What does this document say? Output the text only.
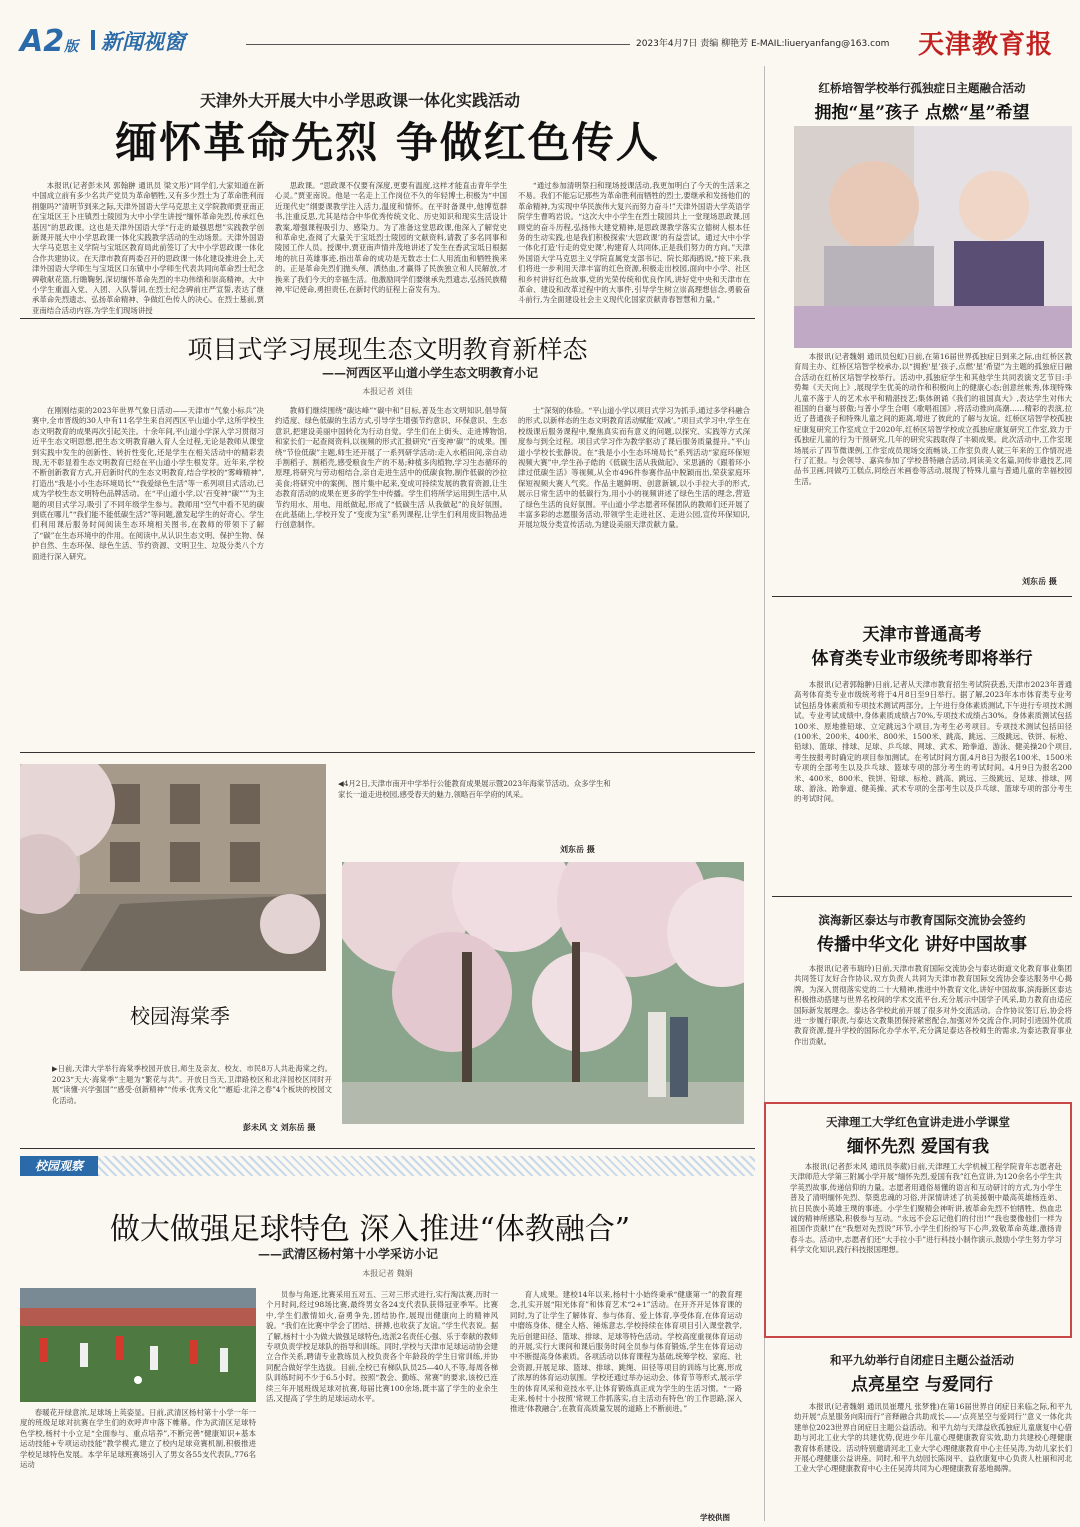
A2版 新闻视窗	2023年4月7日 责编 柳艳芳 E-MAIL:liueryanfang@163.com 天津教育报
天津外大开展大中小学思政课一体化实践活动
缅怀革命先烈 争做红色传人
本报讯(记者彭未风 郭翰翀 通讯员 梁文彤)“同学们,大家知道在新中国成立前有多少名共产党员为革命牺牲,又有多少烈士为了革命胜利而捐躯吗?”清明节到来之际,天津外国语大学马克思主义学院教师贾亚南正在宝坻区王卜庄镇烈士陵园为大中小学生讲授“缅怀革命先烈,传承红色基因”的思政课。这也是天津外国语大学“行走的最强思想”实践教学创新课开展大中小学思政课一体化实践教学活动的生动场景。天津外国语大学马克思主义学院与宝坻区教育局此前签订了大中小学思政课一体化合作共建协议。在天津市教育两委召开的思政课一体化建设推进会上,天津外国语大学师生与宝坻区口东镇中小学师生代表共同向革命烈士纪念碑敬献花篮,行瞻鞠躬,深切缅怀革命先烈的丰功伟绩和崇高精神。大中小学生重温入党、入团、入队誓词,在烈士纪念碑前庄严宣誓,表达了继承革命先烈遗志、弘扬革命精神、争做红色传人的决心。在烈士墓前,贾亚南结合活动内容,为学生们现场讲授
思政课。“思政课不仅要有深度,更要有温度,这样才能直击青年学生心灵。”贾亚南说。他是一名走上工作岗位不久的年轻博士,积极为“中国近现代史”纲要课教学注入活力,温度和情怀。在平时备课中,他博览群书,注重反思,尤其是结合中华优秀传统文化、历史知识和现实生活设计教案,增强课程吸引力、感染力。为了准备这堂思政课,他深入了解党史和革命史,查阅了大量关于宝坻烈士陵园的文献资料,请教了多名同事和陵园工作人员。授课中,贾亚南声情并茂地讲述了发生在香武宝坻日根据地的抗日英雄事迹,指出革命的成功是无数志士仁人用流血和牺牲换来的。正是革命先烈们抛头颅、洒热血,才赢得了民族独立和人民解放,才换来了我们今天的幸福生活。他激励同学们要继承先烈遗志,弘扬民族精神,牢记使命,勇担责任,在新时代的征程上奋发有为。
“通过参加清明祭扫和现场授课活动,我更加明白了今天的生活来之不易。我们不能忘记那些为革命胜利而牺牲的烈士,要继承和发扬他们的革命精神,为实现中华民族伟大复兴而努力奋斗!”天津外国语大学英语学院学生曹鸣岩说。“这次大中小学生在烈士陵园共上一堂现场思政课,回顾党的奋斗历程,弘扬伟大建党精神,是思政课教学落实立德树人根本任务的生动实践,也是我们积极探索‘大思政课’的有益尝试。通过大中小学一体化打造‘行走的党史课’,构建育人共同体,正是我们努力的方向。”天津外国语大学马克思主义学院直属党支部书记、院长郑海鸥说,“接下来,我们将进一步利用天津丰富的红色资源,积极走出校园,面向中小学、社区和乡村讲好红色故事,党的光荣传统和优良作风,讲好党中央和天津市在革命、建设和改革过程中的大事件,引导学生树立崇高理想信念,勇毅奋斗前行,为全面建设社会主义现代化国家贡献青春智慧和力量。”
项目式学习展现生态文明教育新样态
——河西区平山道小学生态文明教育小记
本报记者 刘佳
在刚刚结束的2023年世界气象日活动——天津市“气象小标兵”决赛中,全市晋级的30人中有11名学生来自河西区平山道小学,这所学校生态文明教育的成果再次引起关注。十余年间,平山道小学深入学习贯彻习近平生态文明思想,把生态文明教育融入育人全过程,无论是教师从课堂到实践中发生的创新性、转折性变化,还是学生在相关活动中的精彩表现,无不彰显着生态文明教育已经在平山道小学生根发芽。近年来,学校不断创新教育方式,开启新时代的生态文明教育,结合学校的“雾峰精神”,打造出“我是小小生态环境局长”“我爱绿色生活”等一系列项目式活动,已成为学校生态文明特色品牌活动。在“平山道小学,以‘百变神“碳”’”为主题的项目式学习,吸引了不同年级学生参与。教师用“空气中看不见的碳到底在哪儿”“我们能不能低碳生活?”等问题,激发起学生的好奇心。学生们利用课后服务时间阅读生态环境相关图书,在教师的带领下了解了“碳”在生态环境中的作用。在阅读中,从认识生态文明、保护生物、保护自然、生态环保、绿色生活、节约资源、文明卫生、垃圾分类八个方面进行深入研究。
教师们继续围绕“碳达峰”“碳中和”目标,普及生态文明知识,倡导简约适度、绿色低碳的生活方式,引导学生增强节约意识、环保意识、生态意识,把建设美丽中国转化为行动自觉。学生们在上街头、走进博物馆,和家长们一起查阅资料,以视频的形式汇报研究“百变神‘碳’”的成果。围绕“节俭低碳”主题,师生还开展了一系列研学活动:走入水稻田间,亲自动手割稻子、割稻壳,感受粮食生产的不易;种植多肉植物,学习生态循环的原理,将研究与劳动相结合,亲自走进生活中的低碳食物,制作低碳的沙拉美食;将研究中的案例、图片集中起来,变成可持续发展的教育资源,让生态教育活动的成果在更多的学生中传播。学生们将所学运用到生活中,从节约用水、用电、用纸做起,形成了“低碳生活 从我做起”的良好氛围。在此基础上,学校开发了“变废为宝”系列课程,让学生们利用废旧物品进行创意制作。
士”深刻的体验。“平山道小学以项目式学习为抓手,通过多学科融合的形式,以新样态的生态文明教育活动赋能‘双减’。”项目式学习中,学生在校级课后服务课程中,聚焦真实而有意义的问题,以探究、实践等方式深度参与到全过程。项目式学习作为教学驱动了课后服务质量提升。”平山道小学校长张静说。在“我是小小生态环境局长”系列活动“家庭环保短视频大赛”中,学生孙子皓的《低碳生活从我做起》、宋思涵的《跟着环小津过低碳生活》等视频,从全市496件参赛作品中脱颖而出,荣获家庭环保短视频大赛人气奖。作品主题鲜明、创意新颖,以小手拉大手的形式,展示日常生活中的低碳行为,用小小的视频讲述了绿色生活的理念,营造了绿色生活的良好氛围。平山道小学志愿者环保团队的教师们还开展了丰富多彩的志愿服务活动,带领学生走进社区、走进公园,宣传环保知识,开展垃圾分类宣传活动,为建设美丽天津贡献力量。
◀4月2日,天津市南开中学举行公能教育成果展示暨2023年海棠节活动。众多学生和家长一道走进校园,感受春天的魅力,领略百年学府的风采。
刘东岳 摄
校园海棠季
▶日前,天津大学举行海棠季校园开放日,师生及亲友、校友、市民8万人共赴海棠之约。2023“天大·海棠季”主题为“繁花与共”。开放日当天,卫津路校区和北洋园校区同时开展“读懂·兴学强国”“感受·创新精神”“传承·优秀文化”“邂逅·北洋之春”4个板块的校园文化活动。
彭未风 文 刘东岳 摄
校园观察
做大做强足球特色 深入推进“体教融合”
——武清区杨村第十小学采访小记
本报记者 魏娟
春暖花开绿意浓,足球场上英姿显。日前,武清区杨村第十小学一年一度的班级足球对抗赛在学生们的欢呼声中落下帷幕。作为武清区足球特色学校,杨村十小立足“全面参与、重点培养”,不断完善“健康知识+基本运动技能+专项运动技能”教学模式,建立了校内足球竞赛机制,积极推进学校足球特色发展。本学年足球班赛场引入了男女各55支代表队,776名运动
员参与角逐,比赛采用五对五、三对三形式进行,实行淘汰赛,历时一个月时间,经过98场比赛,最终男女各24支代表队获得冠亚季军。比赛中,学生们激情如火,奋勇争先,团结协作,展现出健康向上的精神风貌。“我们在比赛中学会了团结、拼搏,也收获了友谊。”学生代表说。据了解,杨村十小为做大做强足球特色,选派2名责任心强、乐于奉献的教师专项负责学校足球队的指导和训练。同时,学校与天津市足球运动协会建立合作关系,聘请专业教练员入校负责各个年龄段的学生日常训练,并协同配合做好学生选拔。目前,全校已有梯队队员25—40人不等,每周各梯队训练时间不少于6.5小时。按照“教会、勤练、常赛”的要求,该校已连续三年开展班级足球对抗赛,每届比赛100余场,既丰富了学生的业余生活,又提高了学生的足球运动水平。
育人成果。建校14年以来,杨村十小始终秉承“健康第一”的教育理念,扎实开展“阳光体育”和体育艺术“2+1”活动。在开齐开足体育课的同时,为了让学生了解体育、参与体育、爱上体育,享受体育,在体育运动中磨练身体、健全人格、锤炼意志,学校持续在体育项目引入课堂教学,先后创建田径、篮球、排球、足球等特色活动。学校高度重视体育运动的开展,实行大课间和课后服务时间全员参与体育锻炼,学生在体育运动中不断提高身体素质。各项活动以体育课程为基础,统筹学校、家庭、社会资源,开展足球、篮球、排球、跳绳、田径等项目的训练与比赛,形成了浓厚的体育运动氛围。学校还通过举办运动会、体育节等形式,展示学生的体育风采和竞技水平,让体育锻炼真正成为学生的生活习惯。“一路走来,杨村十小按照‘常规工作抓落实,自主活动有特色’的工作思路,深入推进‘体教融合’,在教育高质量发展的道路上不断前进。”
学校供图
红桥培智学校举行孤独症日主题融合活动
拥抱“星”孩子 点燃“星”希望
本报讯(记者魏娟 通讯员包虹)日前,在第16届世界孤独症日到来之际,由红桥区教育局主办、红桥区培智学校承办,以“拥抱‘星’孩子,点燃‘星’希望”为主题的孤独症日融合活动在红桥区培智学校举行。活动中,孤独症学生和其他学生共同表演文艺节目:手势舞《天天向上》,展现学生优美的动作和积极向上的健康心态;创意丝帐秀,体现特殊儿童不落于人的艺术水平和精湛技艺;集体朗诵《我们的祖国真大》,表达学生对伟大祖国的自豪与骄傲;与普小学生合唱《歌唱祖国》,将活动推向高潮……精彩的表演,拉近了普通孩子和特殊儿童之间的距离,增进了彼此的了解与友谊。红桥区培智学校孤独症康复研究工作室成立于2020年,红桥区培智学校成立孤独症康复研究工作室,致力于孤独症儿童的行为干预研究,几年的研究实践取得了丰硕成果。此次活动中,工作室现场展示了四节微课例,工作室成员现场交流畅谈,工作室负责人就三年来的工作情况进行了汇报。与会领导、嘉宾参加了学校普特融合活动,同读美文名篇,同传非遗技艺,同品书卫画,同做巧工糕点,同绘百米画卷等活动,展现了特殊儿童与普通儿童的幸福校园生活。
刘东岳 摄
天津市普通高考
体育类专业市级统考即将举行
本报讯(记者郭翰翀)日前,记者从天津市教育招生考试院获悉,天津市2023年普通高考体育类专业市级统考将于4月8日至9日举行。据了解,2023年本市体育类专业考试包括身体素质和专项技术测试两部分。上午进行身体素质测试,下午进行专项技术测试。专业考试成绩中,身体素质成绩占70%,专项技术成绩占30%。身体素质测试包括100米、原地推铅球、立定跳远3个项目,为考生必考项目。专项技术测试包括田径(100米、200米、400米、800米、1500米、跳高、跳远、三级跳远、铁饼、标枪、铅球)、篮球、排球、足球、乒乓球、网球、武术、跆拳道、游泳、健美操20个项目,考生按报考时确定的项目参加测试。在考试时间方面,4月8日为报名100米、1500米专项的全部考生以及乒乓球、篮球专项的部分考生的考试时间。4月9日为报名200米、400米、800米、铁饼、铅球、标枪、跳高、跳远、三级跳远、足球、排球、网球、游泳、跆拳道、健美操、武术专项的全部考生以及乒乓球、篮球专项的部分考生的考试时间。
滨海新区泰达与市教育国际交流协会签约
传播中华文化 讲好中国故事
本报讯(记者韦瑞玲)日前,天津市教育国际交流协会与泰达街道文化教育事业集团共同签订友好合作协议,双方负责人共同为天津市教育国际交流协会泰达服务中心揭牌。为深入贯彻落实党的二十大精神,推进中外教育文化,讲好中国故事,滨海新区泰达积极推动搭建与世界名校间的学术交流平台,充分展示中国学子风采,助力教育由适应国际新发展理念。泰达各学校此前开展了很多对外交流活动。合作协议签订后,协会将进一步履行职责,与泰达文教集团保持紧密配合,加强对外交流合作,同时引进国外优质教育资源,提升学校的国际化办学水平,充分满足泰达各校师生的需求,为泰达教育事业作出贡献。
天津理工大学红色宣讲走进小学课堂
缅怀先烈 爱国有我
本报讯(记者彭未风 通讯员李葳)日前,天津理工大学机械工程学院青年志愿者赴天津师范大学第三附属小学开展“缅怀先烈,爱国有我”红色宣讲,为120余名小学生共学英烈故事,传递信仰的力量。志愿者用通俗易懂的语言和互动研讨的方式,为小学生普及了清明缅怀先烈、祭奠忠魂的习俗,并深情讲述了抗美援朝中最高英雄杨连弟、抗日民族小英雄王璞的事迹。小学生们聚精会神听讲,被革命先烈不怕牺牲、热血忠诚的精神所感染,积极参与互动。“永远不会忘记他们的付出!”“我也要像他们一样为祖国作贡献!”在“我想对先烈说”环节,小学生们纷纷写下心声,致敬革命英雄,激扬青春斗志。活动中,志愿者们还“大手拉小手”进行科技小制作演示,鼓励小学生努力学习科学文化知识,践行科技报国理想。
和平九幼举行自闭症日主题公益活动
点亮星空 与爱同行
本报讯(记者魏娟 通讯员崔璎凡 张梦雅)在第16届世界自闭症日来临之际,和平九幼开展“点星服务向阳而行”音释融合共助成长——‘点亮星空与爱同行’’意义一体化共建单位2023世界自闭症日主题公益活动。和平九幼与天津益欣孤独症儿童康复中心借助与河北工业大学的共建优势,促进少年儿童心理健康教育实效,助力共建校心理健康教育体系建设。活动特别邀请河北工业大学心理健康教育中心主任吴涛,为幼儿家长们开展心理健康公益讲座。同时,和平九幼园长陈岗平、益欣康复中心负责人杜丽和河北工业大学心理健康教育中心主任吴涛共同为心理健康教育基地揭牌。
